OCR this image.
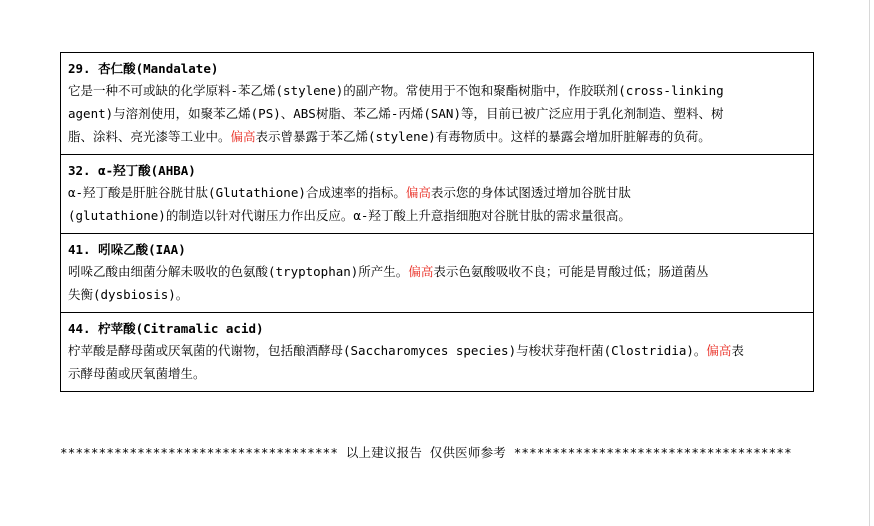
29. 杏仁酸(Mandalate)
它是一种不可或缺的化学原料-苯乙烯(stylene)的副产物。常使用于不饱和聚酯树脂中，作胶联剂(cross-linking
agent)与溶剂使用，如聚苯乙烯(PS)、ABS树脂、苯乙烯-丙烯(SAN)等，目前已被广泛应用于乳化剂制造、塑料、树
脂、涂料、亮光漆等工业中。偏高表示曾暴露于苯乙烯(stylene)有毒物质中。这样的暴露会增加肝脏解毒的负荷。
32. α-羟丁酸(AHBA)
α-羟丁酸是肝脏谷胱甘肽(Glutathione)合成速率的指标。偏高表示您的身体试图透过增加谷胱甘肽
(glutathione)的制造以针对代谢压力作出反应。α-羟丁酸上升意指细胞对谷胱甘肽的需求量很高。
41. 吲哚乙酸(IAA)
吲哚乙酸由细菌分解未吸收的色氨酸(tryptophan)所产生。偏高表示色氨酸吸收不良；可能是胃酸过低；肠道菌丛
失衡(dysbiosis)。
44. 柠苹酸(Citramalic acid)
柠苹酸是酵母菌或厌氧菌的代谢物，包括酿酒酵母(Saccharomyces species)与梭状芽孢杆菌(Clostridia)。偏高表
示酵母菌或厌氧菌增生。
************************************ 以上建议报告 仅供医师参考 ************************************
